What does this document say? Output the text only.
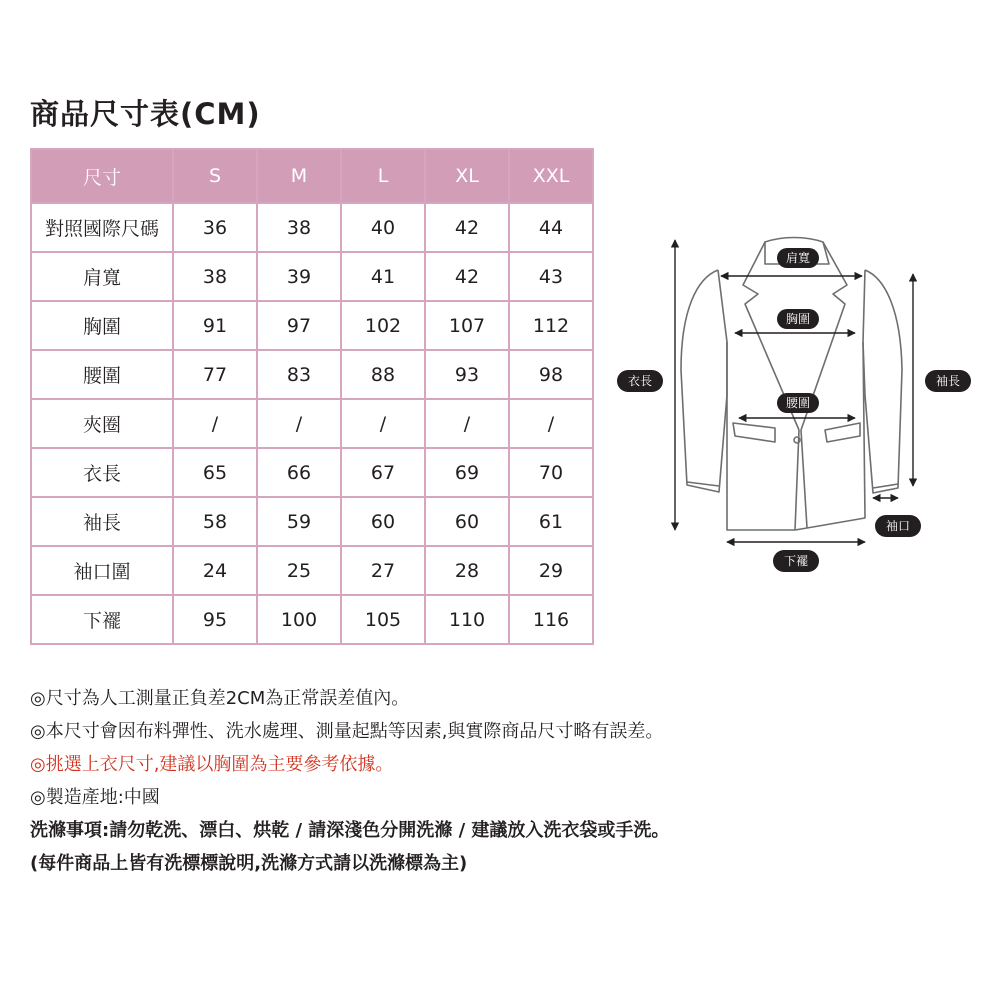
商品尺寸表(CM)
尺寸	S	M	L	XL	XXL
對照國際尺碼	36	38	40	42	44
肩寬	38	39	41	42	43
胸圍	91	97	102	107	112
腰圍	77	83	88	93	98
夾圈	/	/	/	/	/
衣長	65	66	67	69	70
袖長	58	59	60	60	61
袖口圍	24	25	27	28	29
下襬	95	100	105	110	116
肩寬
胸圍
腰圍
衣長	袖長
袖口
下襬
◎尺寸為人工測量正負差2CM為正常誤差值內。
◎本尺寸會因布料彈性、洗水處理、測量起點等因素,與實際商品尺寸略有誤差。
◎挑選上衣尺寸,建議以胸圍為主要參考依據。
◎製造產地:中國
洗滌事項:請勿乾洗、漂白、烘乾 / 請深淺色分開洗滌 / 建議放入洗衣袋或手洗。
(每件商品上皆有洗標標說明,洗滌方式請以洗滌標為主)
